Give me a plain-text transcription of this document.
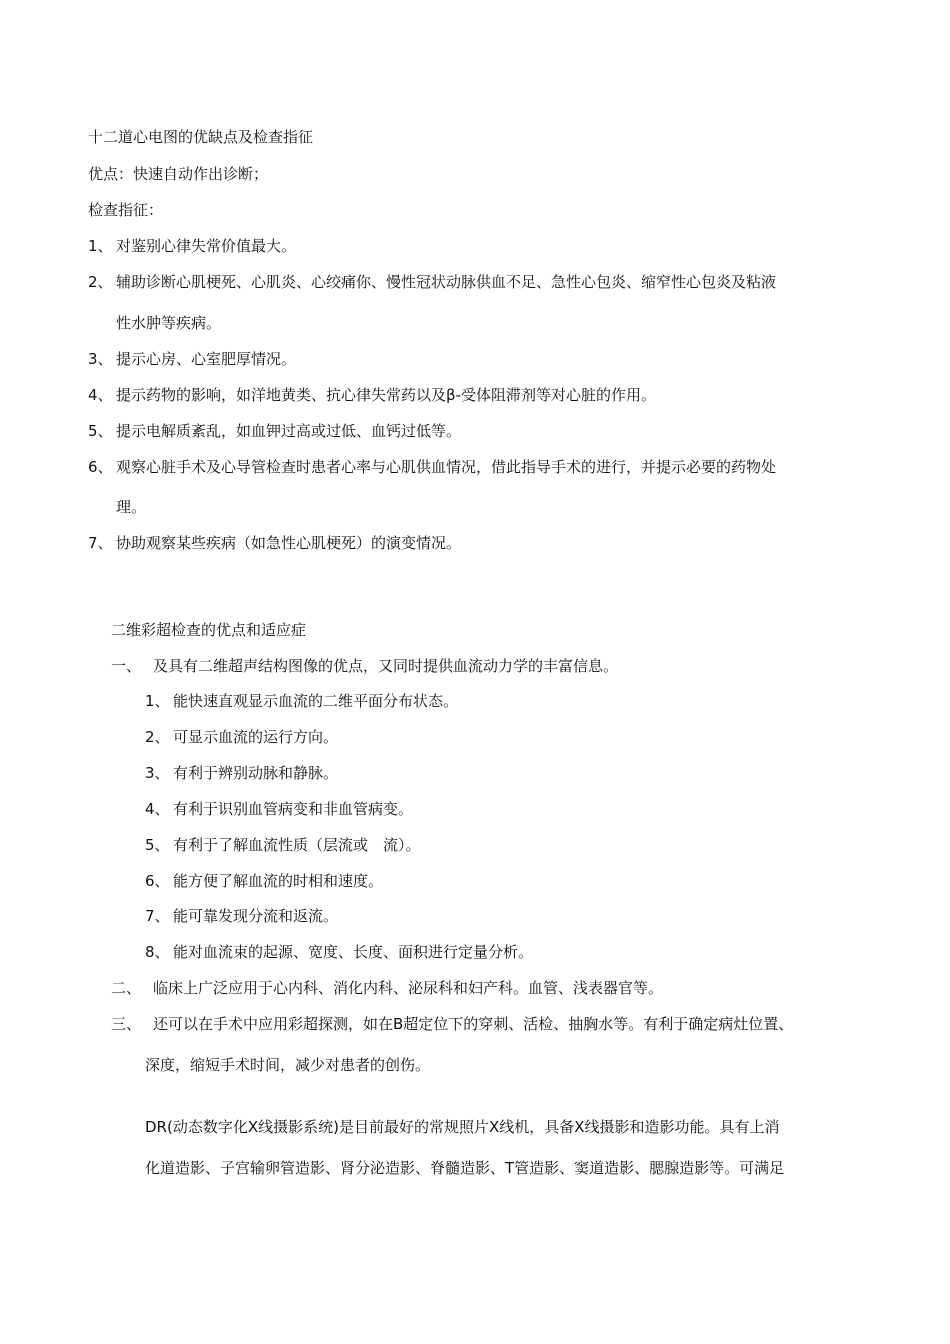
十二道心电图的优缺点及检查指征
优点：快速自动作出诊断；
检查指征：
1、 对鉴别心律失常价值最大。
2、 辅助诊断心肌梗死、心肌炎、心绞痛你、慢性冠状动脉供血不足、急性心包炎、缩窄性心包炎及粘液
性水肿等疾病。
3、 提示心房、心室肥厚情况。
4、 提示药物的影响，如洋地黄类、抗心律失常药以及β-受体阻滞剂等对心脏的作用。
5、 提示电解质紊乱，如血钾过高或过低、血钙过低等。
6、 观察心脏手术及心导管检查时患者心率与心肌供血情况，借此指导手术的进行，并提示必要的药物处
理。
7、 协助观察某些疾病（如急性心肌梗死）的演变情况。
二维彩超检查的优点和适应症
一、 及具有二维超声结构图像的优点，又同时提供血流动力学的丰富信息。
1、 能快速直观显示血流的二维平面分布状态。
2、 可显示血流的运行方向。
3、 有利于辨别动脉和静脉。
4、 有利于识别血管病变和非血管病变。
5、 有利于了解血流性质（层流或　流）。
6、 能方便了解血流的时相和速度。
7、 能可靠发现分流和返流。
8、 能对血流束的起源、宽度、长度、面积进行定量分析。
二、 临床上广泛应用于心内科、消化内科、泌尿科和妇产科。血管、浅表器官等。
三、 还可以在手术中应用彩超探测，如在B超定位下的穿刺、活检、抽胸水等。有利于确定病灶位置、
深度，缩短手术时间，减少对患者的创伤。
DR(动态数字化X线摄影系统)是目前最好的常规照片X线机，具备X线摄影和造影功能。具有上消
化道造影、子宫输卵管造影、肾分泌造影、脊髓造影、T管造影、窦道造影、腮腺造影等。可满足
